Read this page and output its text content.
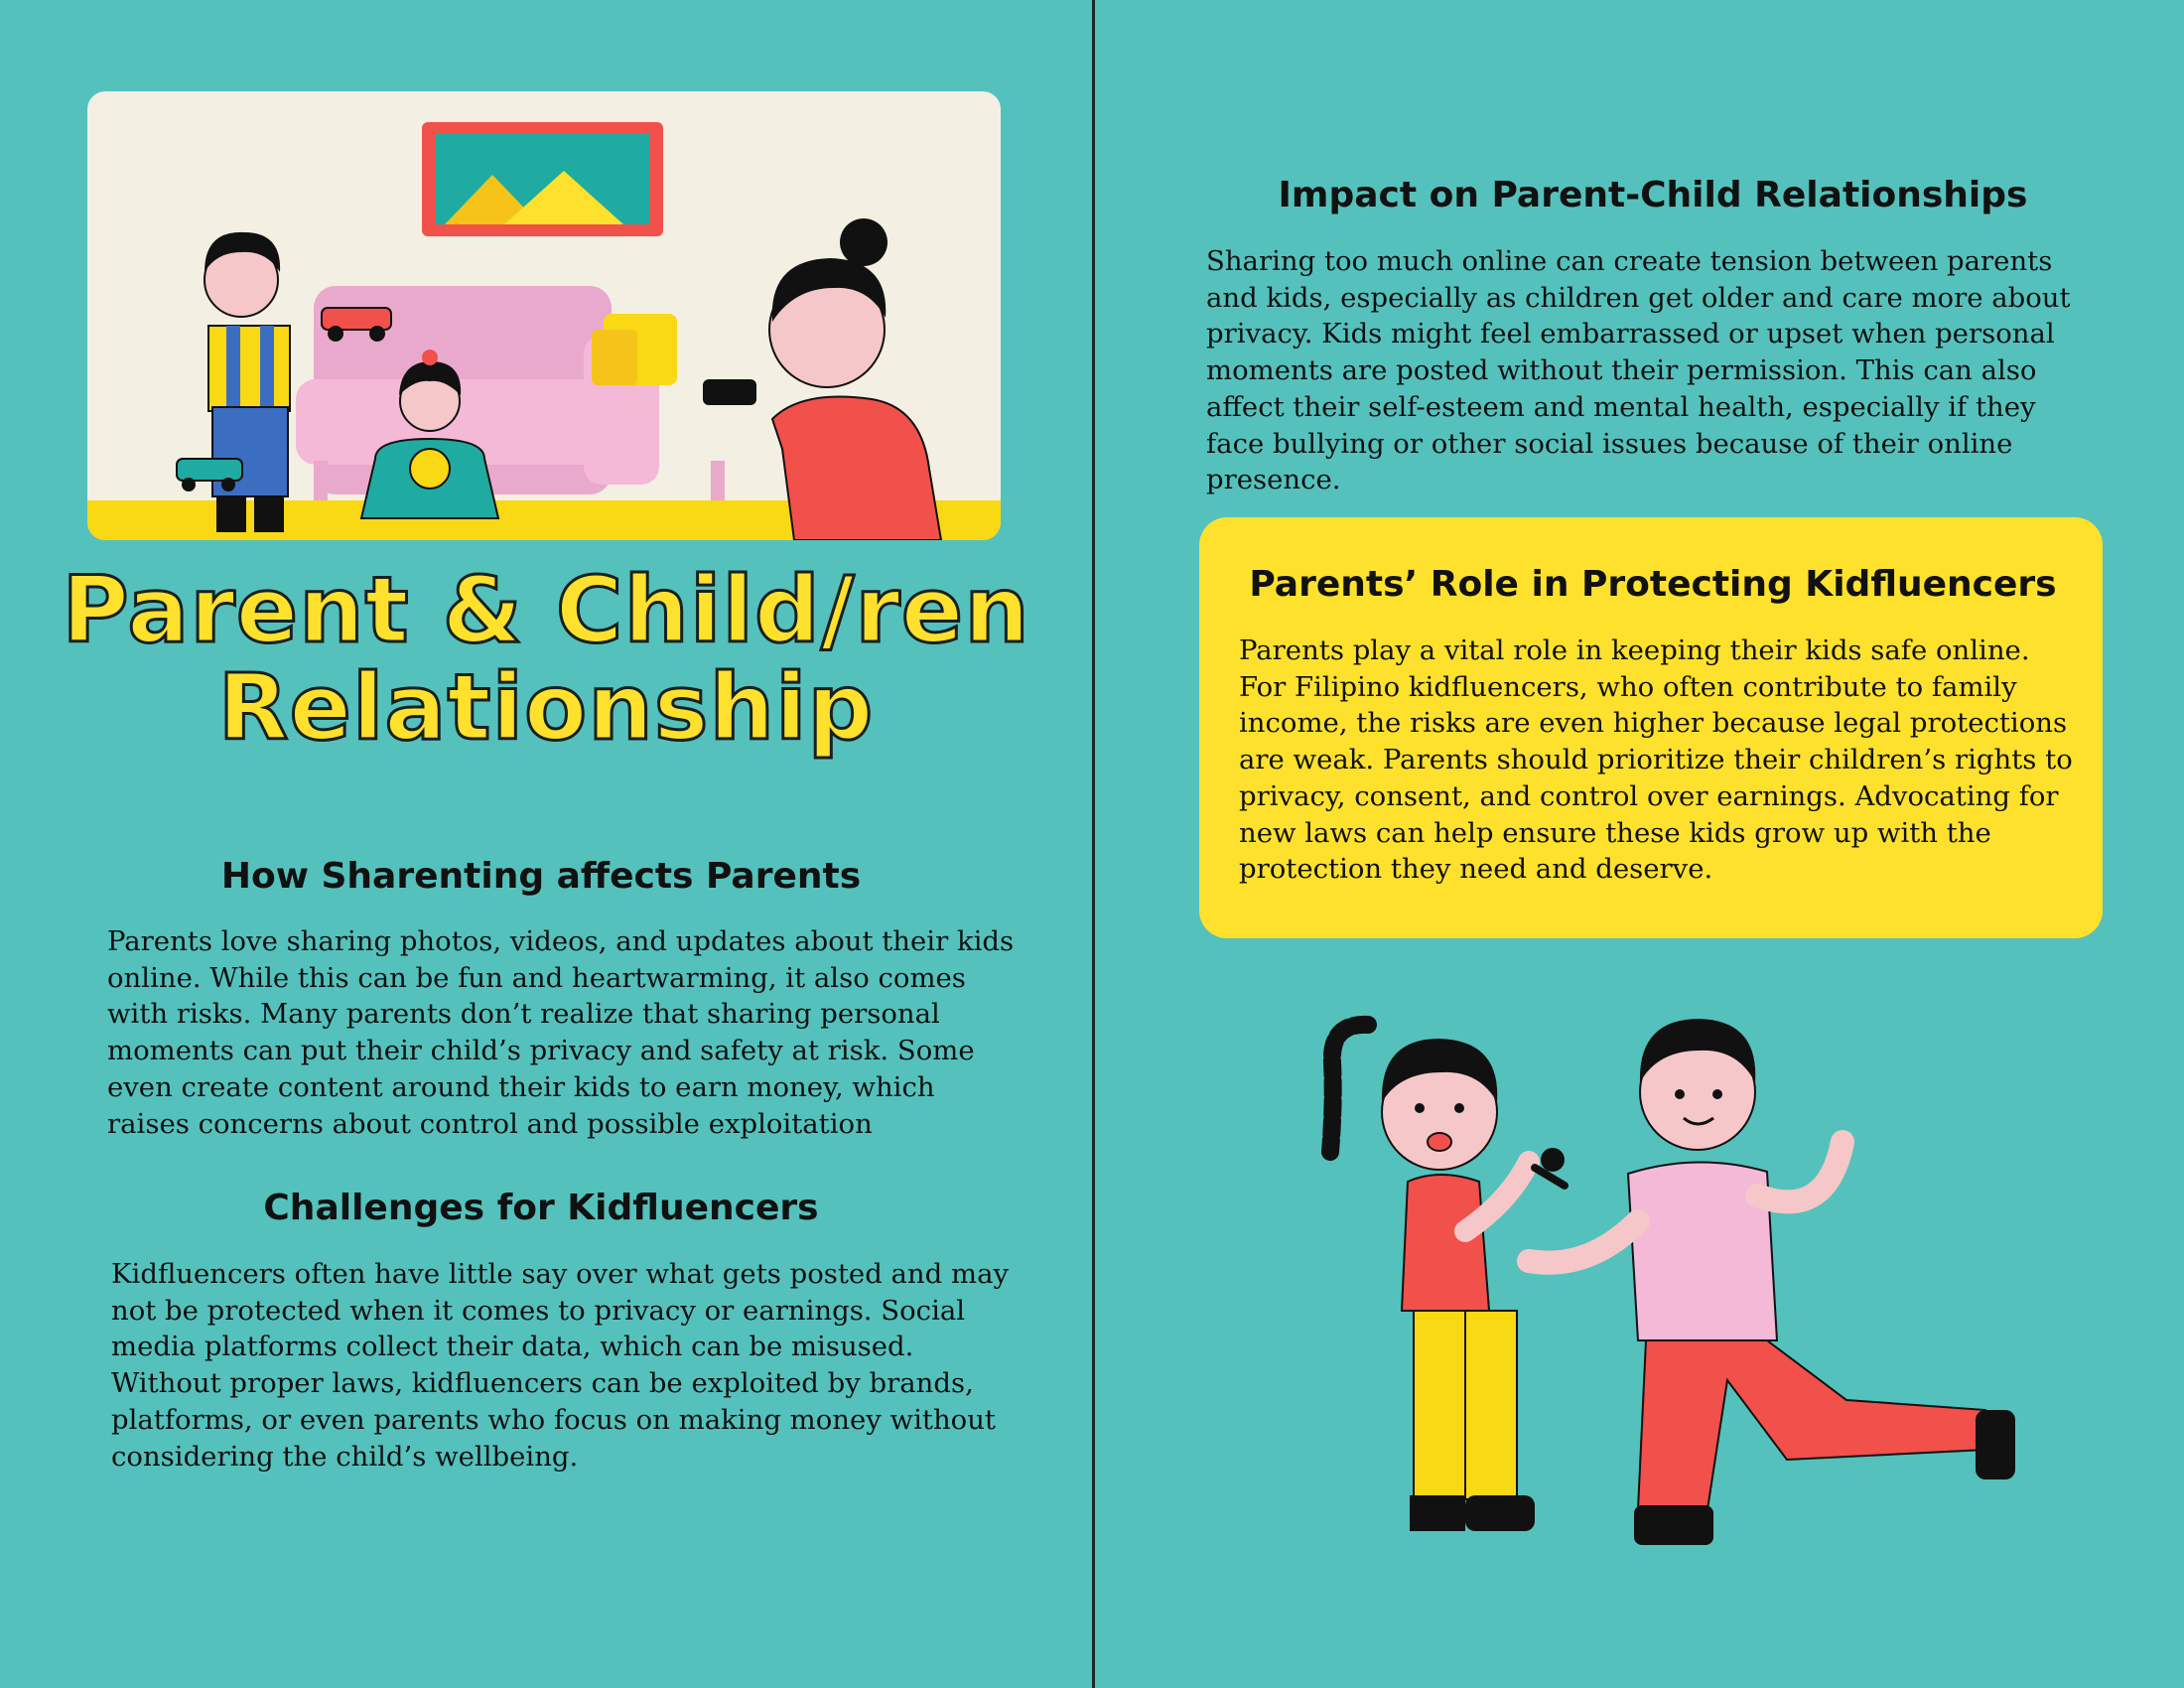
Parent & Child/ren
Relationship
How Sharenting affects Parents
Parents love sharing photos, videos, and updates about their kids online. While this can be fun and heartwarming, it also comes with risks. Many parents don’t realize that sharing personal moments can put their child’s privacy and safety at risk. Some even create content around their kids to earn money, which raises concerns about control and possible exploitation
Challenges for Kidfluencers
Kidfluencers often have little say over what gets posted and may not be protected when it comes to privacy or earnings. Social media platforms collect their data, which can be misused. Without proper laws, kidfluencers can be exploited by brands, platforms, or even parents who focus on making money without considering the child’s wellbeing.
Impact on Parent-Child Relationships
Sharing too much online can create tension between parents and kids, especially as children get older and care more about privacy. Kids might feel embarrassed or upset when personal moments are posted without their permission. This can also affect their self-esteem and mental health, especially if they face bullying or other social issues because of their online presence.
Parents’ Role in Protecting Kidfluencers
Parents play a vital role in keeping their kids safe online. For Filipino kidfluencers, who often contribute to family income, the risks are even higher because legal protections are weak. Parents should prioritize their children’s rights to privacy, consent, and control over earnings. Advocating for new laws can help ensure these kids grow up with the protection they need and deserve.
